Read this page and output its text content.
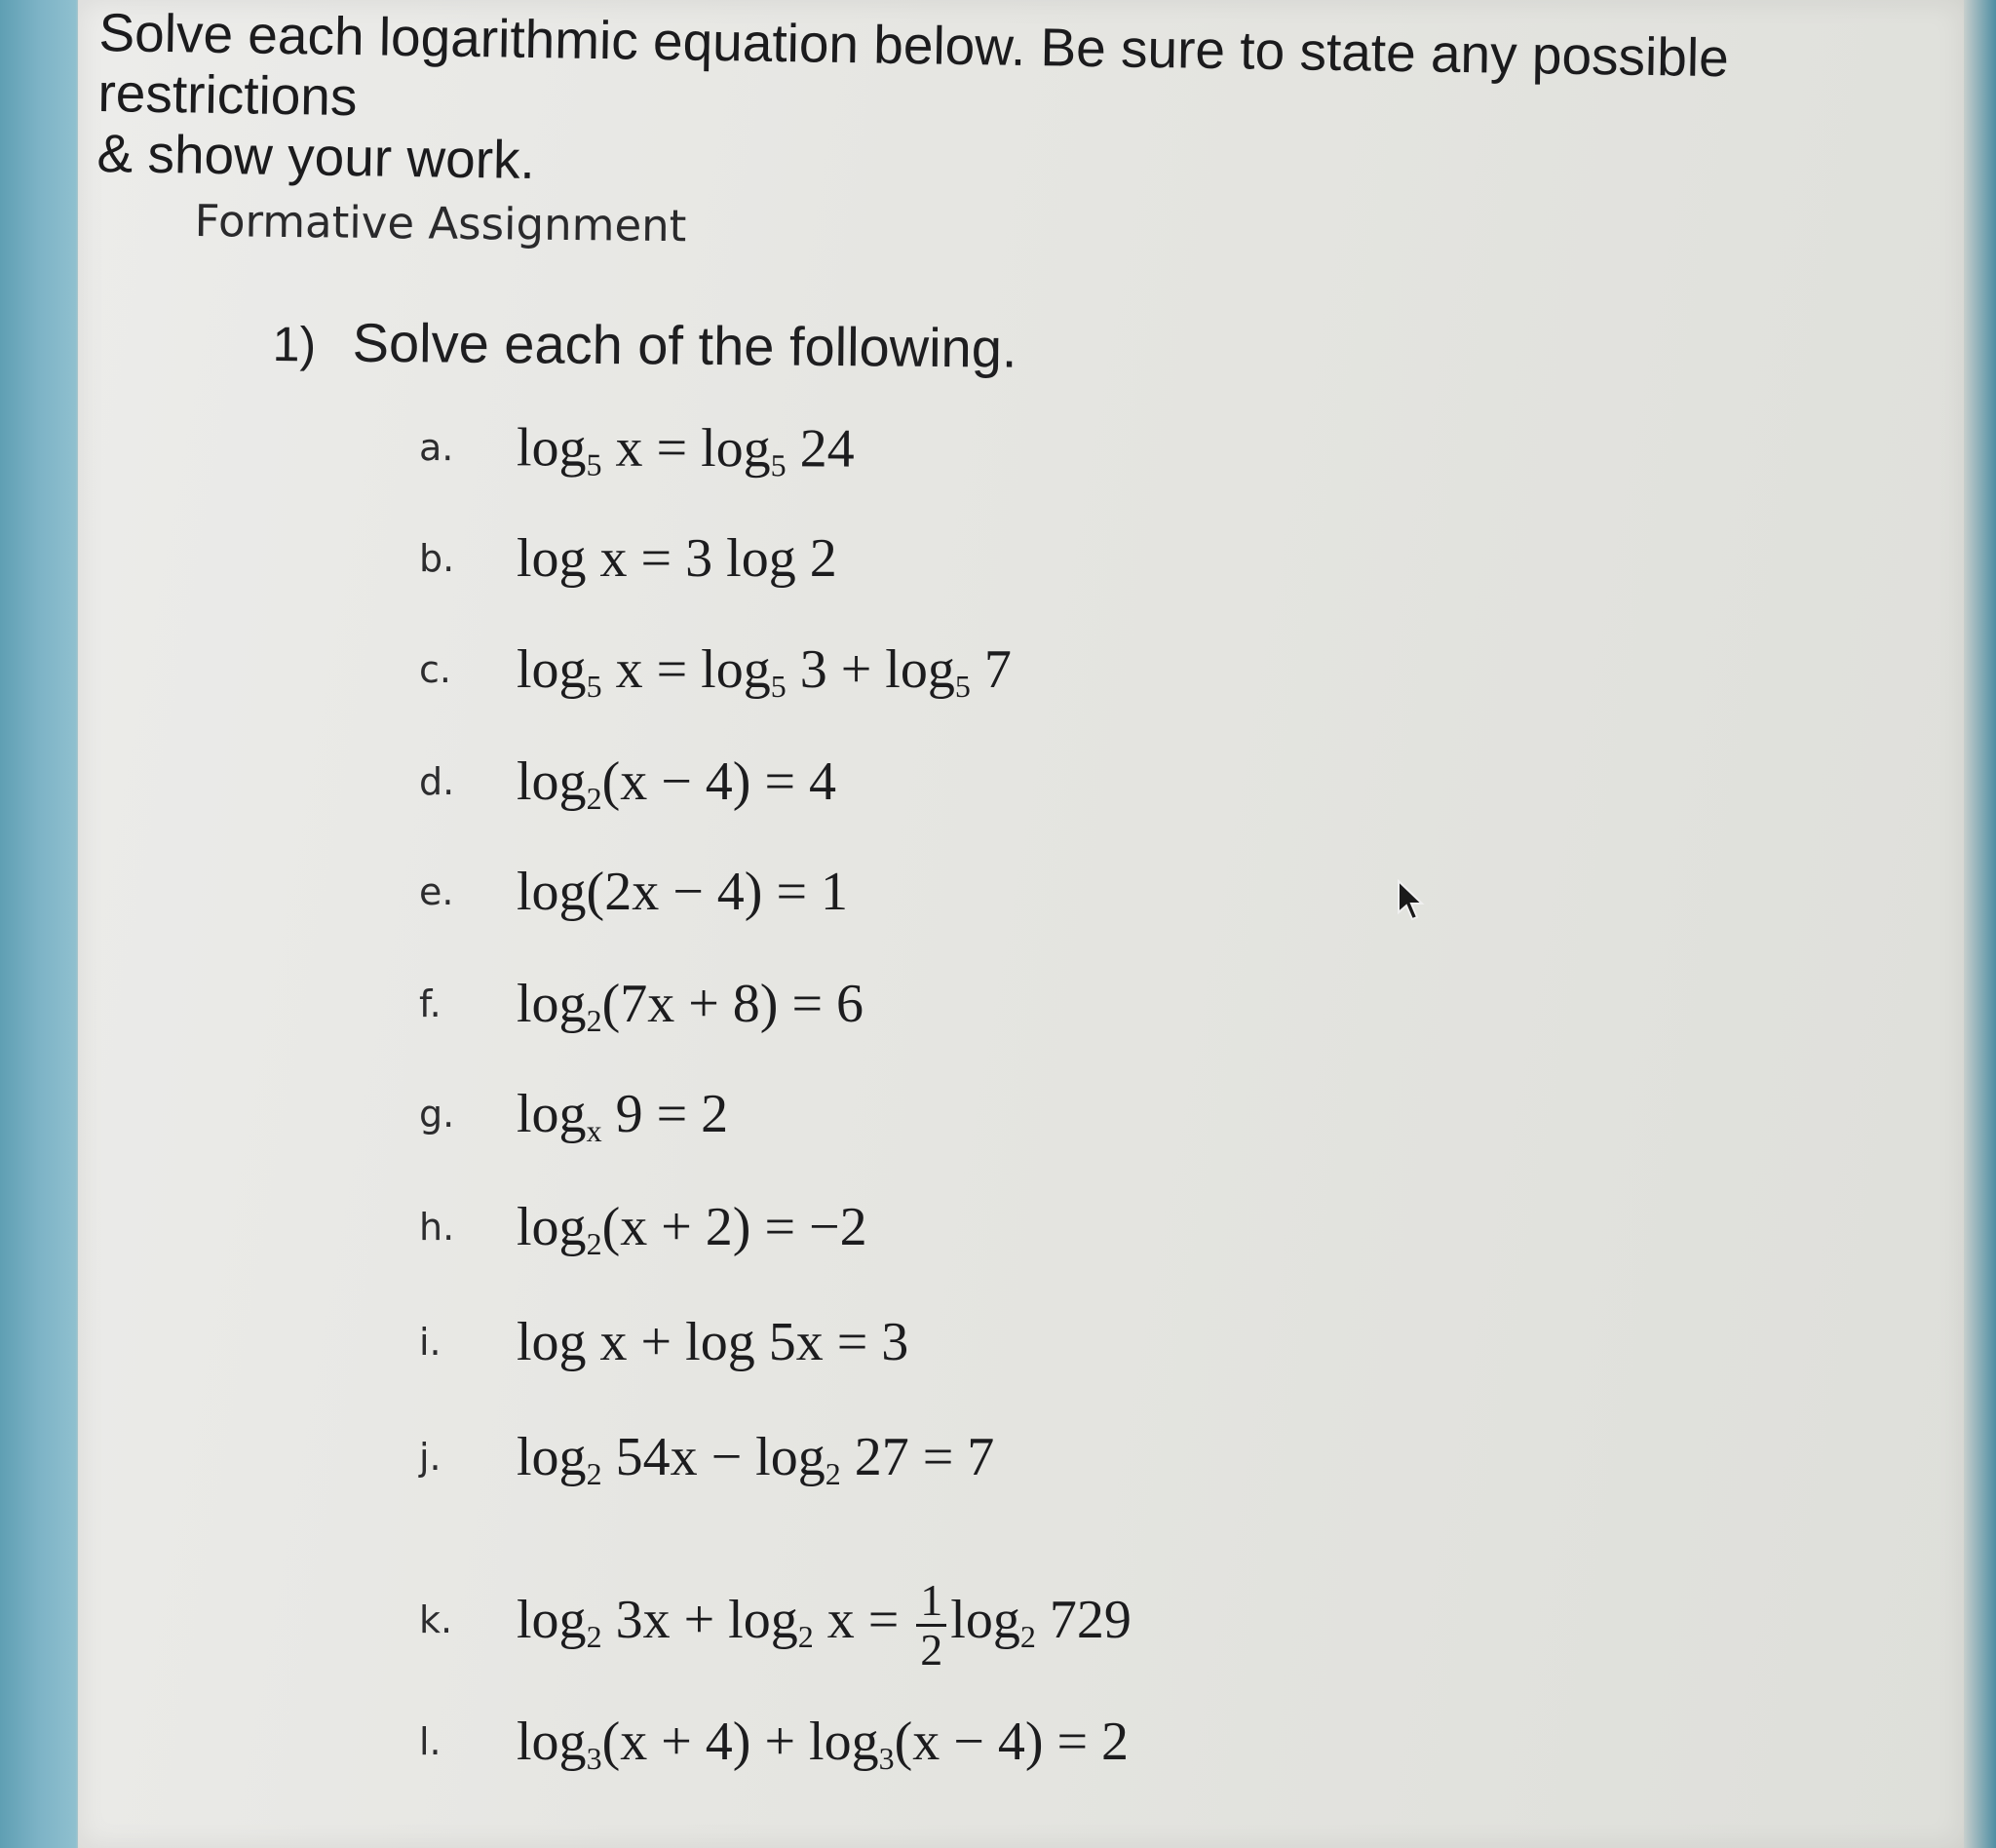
Solve each logarithmic equation below. Be sure to state any possible restrictions
& show your work.
Formative Assignment
1) Solve each of the following.
a. $\log_5 x = \log_5 24$
b. log x = 3 log 2
c. $\log_5 x = \log_5 3 + \log_5 7$
d. $\log_2(x - 4) = 4$
e. log(2x − 4) = 1
f. $\log_2(7x + 8) = 6$
g. $\log_x 9 = 2$
h. $\log_2(x + 2) = -2$
i. log x + log 5x = 3
j. $\log_2 54x - \log_2 27 = 7$
k. $\log_2 3x + \log_2 x = \frac{1}{2} \log_2 729$
l. $\log_3(x + 4) + \log_3(x - 4) = 2$
